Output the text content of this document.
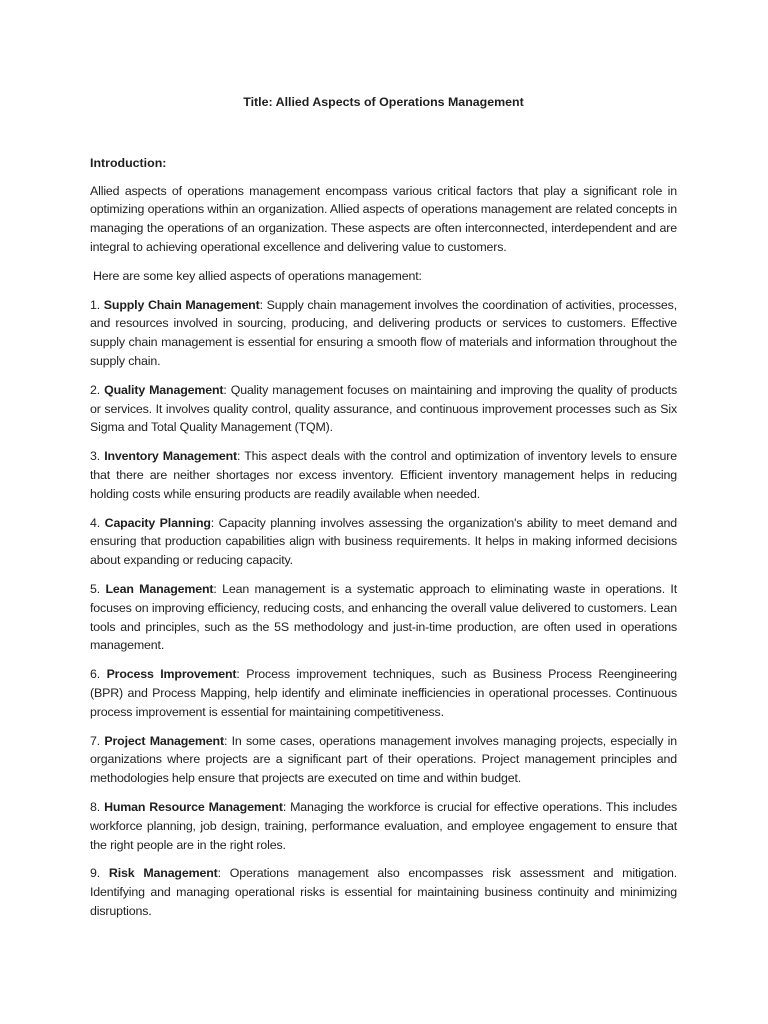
Title: Allied Aspects of Operations Management
Introduction:

Allied aspects of operations management encompass various critical factors that play a significant role in optimizing operations within an organization. Allied aspects of operations management are related concepts in managing the operations of an organization. These aspects are often interconnected, interdependent and are integral to achieving operational excellence and delivering value to customers.

Here are some key allied aspects of operations management:

1. Supply Chain Management: Supply chain management involves the coordination of activities, processes, and resources involved in sourcing, producing, and delivering products or services to customers. Effective supply chain management is essential for ensuring a smooth flow of materials and information throughout the supply chain.

2. Quality Management: Quality management focuses on maintaining and improving the quality of products or services. It involves quality control, quality assurance, and continuous improvement processes such as Six Sigma and Total Quality Management (TQM).

3. Inventory Management: This aspect deals with the control and optimization of inventory levels to ensure that there are neither shortages nor excess inventory. Efficient inventory management helps in reducing holding costs while ensuring products are readily available when needed.

4. Capacity Planning: Capacity planning involves assessing the organization's ability to meet demand and ensuring that production capabilities align with business requirements. It helps in making informed decisions about expanding or reducing capacity.

5. Lean Management: Lean management is a systematic approach to eliminating waste in operations. It focuses on improving efficiency, reducing costs, and enhancing the overall value delivered to customers. Lean tools and principles, such as the 5S methodology and just-in-time production, are often used in operations management.

6. Process Improvement: Process improvement techniques, such as Business Process Reengineering (BPR) and Process Mapping, help identify and eliminate inefficiencies in operational processes. Continuous process improvement is essential for maintaining competitiveness.

7. Project Management: In some cases, operations management involves managing projects, especially in organizations where projects are a significant part of their operations. Project management principles and methodologies help ensure that projects are executed on time and within budget.

8. Human Resource Management: Managing the workforce is crucial for effective operations. This includes workforce planning, job design, training, performance evaluation, and employee engagement to ensure that the right people are in the right roles.

9. Risk Management: Operations management also encompasses risk assessment and mitigation. Identifying and managing operational risks is essential for maintaining business continuity and minimizing disruptions.
